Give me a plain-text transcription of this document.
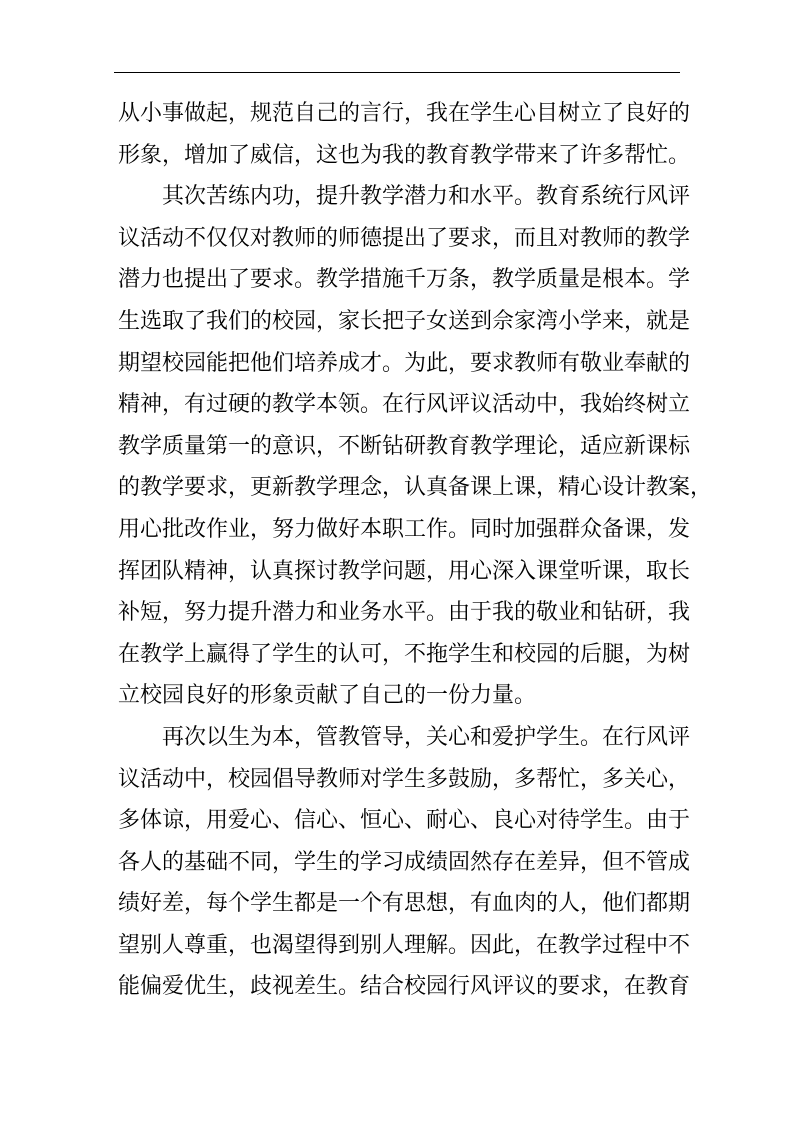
从小事做起，规范自己的言行，我在学生心目树立了良好的
形象，增加了威信，这也为我的教育教学带来了许多帮忙。
其次苦练内功，提升教学潜力和水平。教育系统行风评
议活动不仅仅对教师的师德提出了要求，而且对教师的教学
潜力也提出了要求。教学措施千万条，教学质量是根本。学
生选取了我们的校园，家长把子女送到佘家湾小学来，就是
期望校园能把他们培养成才。为此，要求教师有敬业奉献的
精神，有过硬的教学本领。在行风评议活动中，我始终树立
教学质量第一的意识，不断钻研教育教学理论，适应新课标
的教学要求，更新教学理念，认真备课上课，精心设计教案，
用心批改作业，努力做好本职工作。同时加强群众备课，发
挥团队精神，认真探讨教学问题，用心深入课堂听课，取长
补短，努力提升潜力和业务水平。由于我的敬业和钻研，我
在教学上赢得了学生的认可，不拖学生和校园的后腿，为树
立校园良好的形象贡献了自己的一份力量。
再次以生为本，管教管导，关心和爱护学生。在行风评
议活动中，校园倡导教师对学生多鼓励，多帮忙，多关心，
多体谅，用爱心、信心、恒心、耐心、良心对待学生。由于
各人的基础不同，学生的学习成绩固然存在差异，但不管成
绩好差，每个学生都是一个有思想，有血肉的人，他们都期
望别人尊重，也渴望得到别人理解。因此，在教学过程中不
能偏爱优生，歧视差生。结合校园行风评议的要求，在教育
